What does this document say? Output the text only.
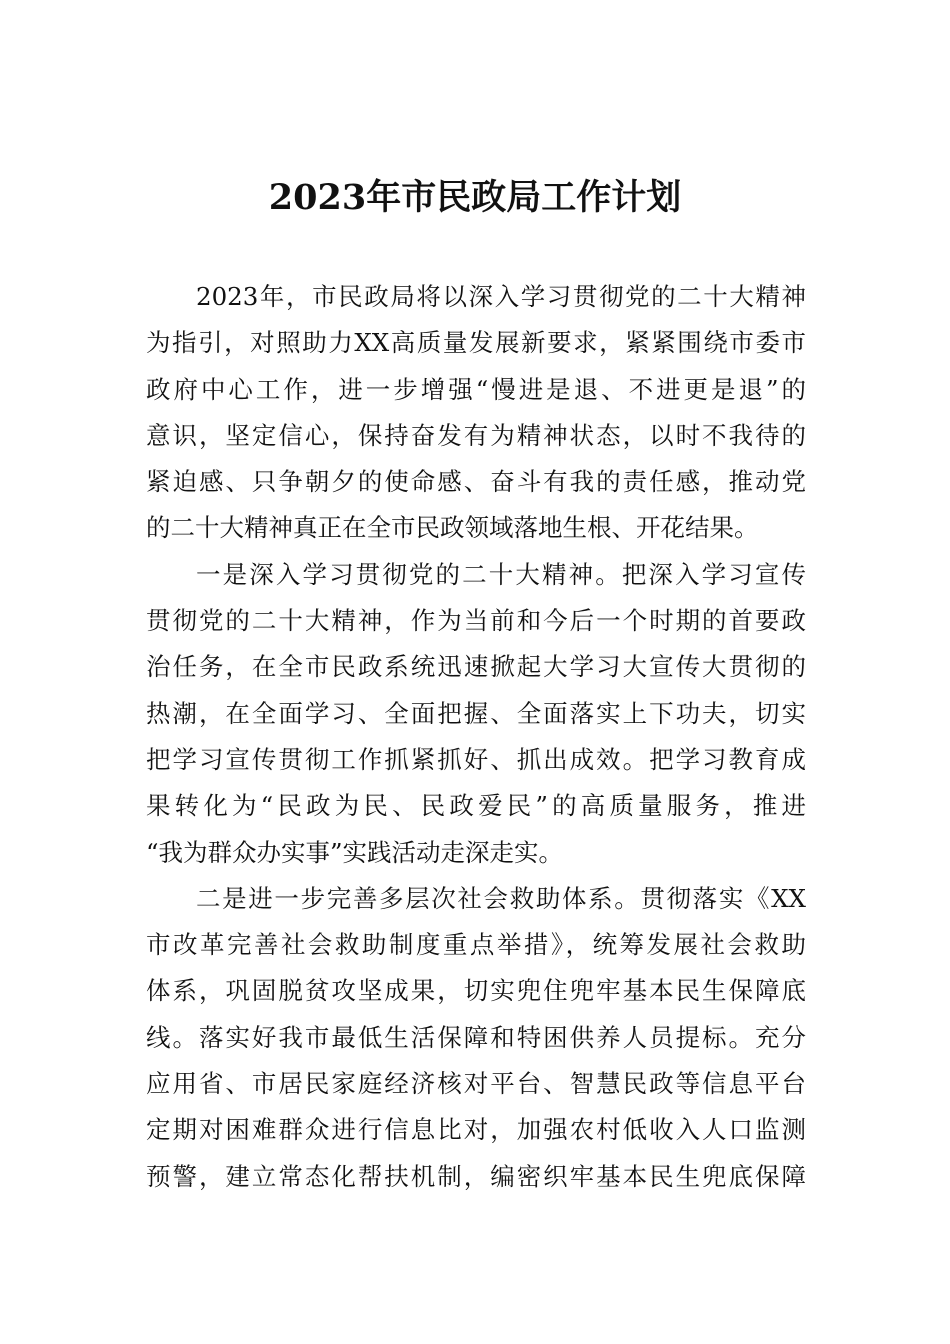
2023年市民政局工作计划
2023年，市民政局将以深入学习贯彻党的二十大精神
为指引，对照助力XX高质量发展新要求，紧紧围绕市委市
政府中心工作，进一步增强“慢进是退、不进更是退”的
意识，坚定信心，保持奋发有为精神状态，以时不我待的
紧迫感、只争朝夕的使命感、奋斗有我的责任感，推动党
的二十大精神真正在全市民政领域落地生根、开花结果。
一是深入学习贯彻党的二十大精神。把深入学习宣传
贯彻党的二十大精神，作为当前和今后一个时期的首要政
治任务，在全市民政系统迅速掀起大学习大宣传大贯彻的
热潮，在全面学习、全面把握、全面落实上下功夫，切实
把学习宣传贯彻工作抓紧抓好、抓出成效。把学习教育成
果转化为“民政为民、民政爱民”的高质量服务，推进
“我为群众办实事”实践活动走深走实。
二是进一步完善多层次社会救助体系。贯彻落实《XX
市改革完善社会救助制度重点举措》，统筹发展社会救助
体系，巩固脱贫攻坚成果，切实兜住兜牢基本民生保障底
线。落实好我市最低生活保障和特困供养人员提标。充分
应用省、市居民家庭经济核对平台、智慧民政等信息平台
定期对困难群众进行信息比对，加强农村低收入人口监测
预警，建立常态化帮扶机制，编密织牢基本民生兜底保障
